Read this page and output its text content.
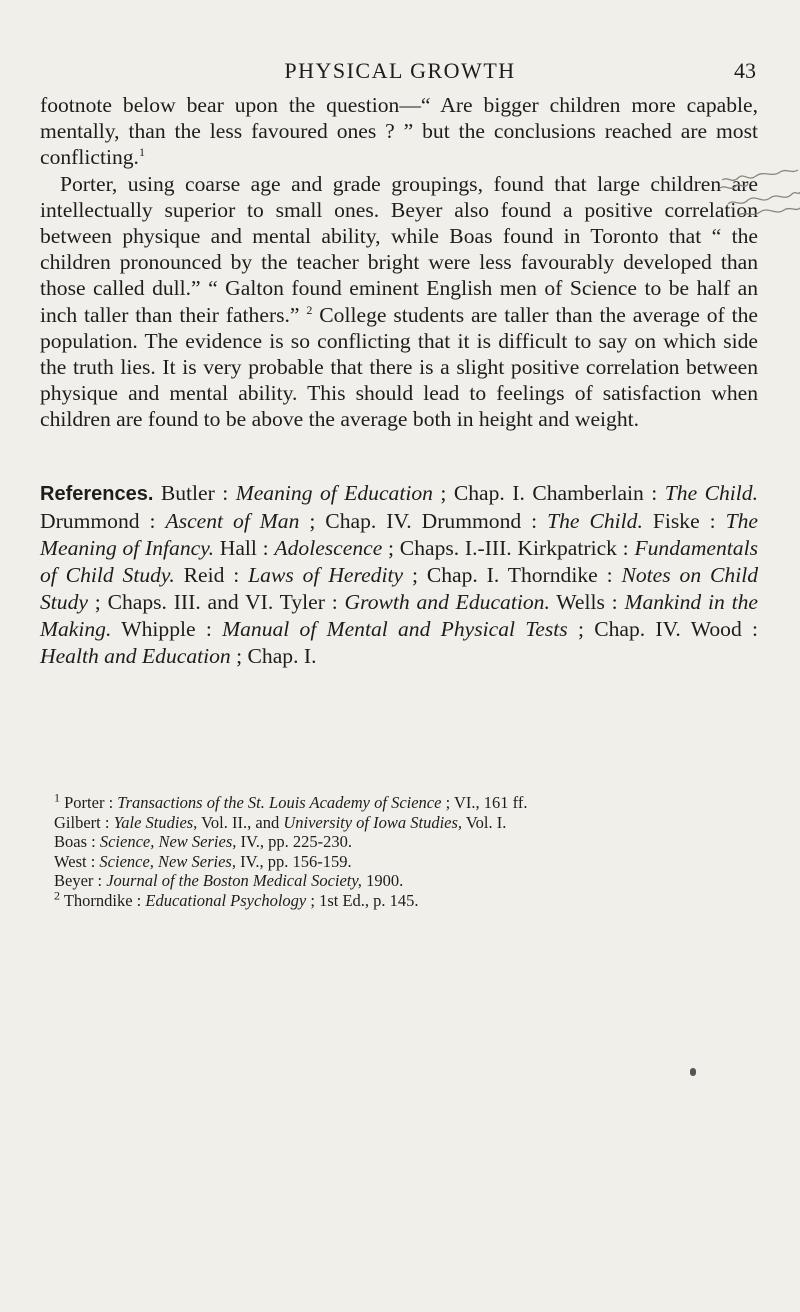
PHYSICAL GROWTH	43

footnote below bear upon the question—“ Are bigger children more capable, mentally, than the less favoured ones ? ” but the conclusions reached are most conflicting.$^1$

Porter, using coarse age and grade groupings, found that large children are intellectually superior to small ones. Beyer also found a positive correlation between physique and mental ability, while Boas found in Toronto that “ the children pronounced by the teacher bright were less favourably developed than those called dull.” “ Galton found eminent English men of Science to be half an inch taller than their fathers.” $^2$ College students are taller than the average of the population. The evidence is so conflicting that it is difficult to say on which side the truth lies. It is very probable that there is a slight positive correlation between physique and mental ability. This should lead to feelings of satisfaction when children are found to be above the average both in height and weight.

References. Butler : Meaning of Education ; Chap. I. Chamberlain : The Child. Drummond : Ascent of Man ; Chap. IV. Drummond : The Child. Fiske : The Meaning of Infancy. Hall : Adolescence ; Chaps. I.-III. Kirkpatrick : Fundamentals of Child Study. Reid : Laws of Heredity ; Chap. I. Thorndike : Notes on Child Study ; Chaps. III. and VI. Tyler : Growth and Education. Wells : Mankind in the Making. Whipple : Manual of Mental and Physical Tests ; Chap. IV. Wood : Health and Education ; Chap. I.

$^1$ Porter : Transactions of the St. Louis Academy of Science ; VI., 161 ff.

Gilbert : Yale Studies, Vol. II., and University of Iowa Studies, Vol. I.

Boas : Science, New Series, IV., pp. 225-230.

West : Science, New Series, IV., pp. 156-159.

Beyer : Journal of the Boston Medical Society, 1900.

$^2$ Thorndike : Educational Psychology ; 1st Ed., p. 145.
